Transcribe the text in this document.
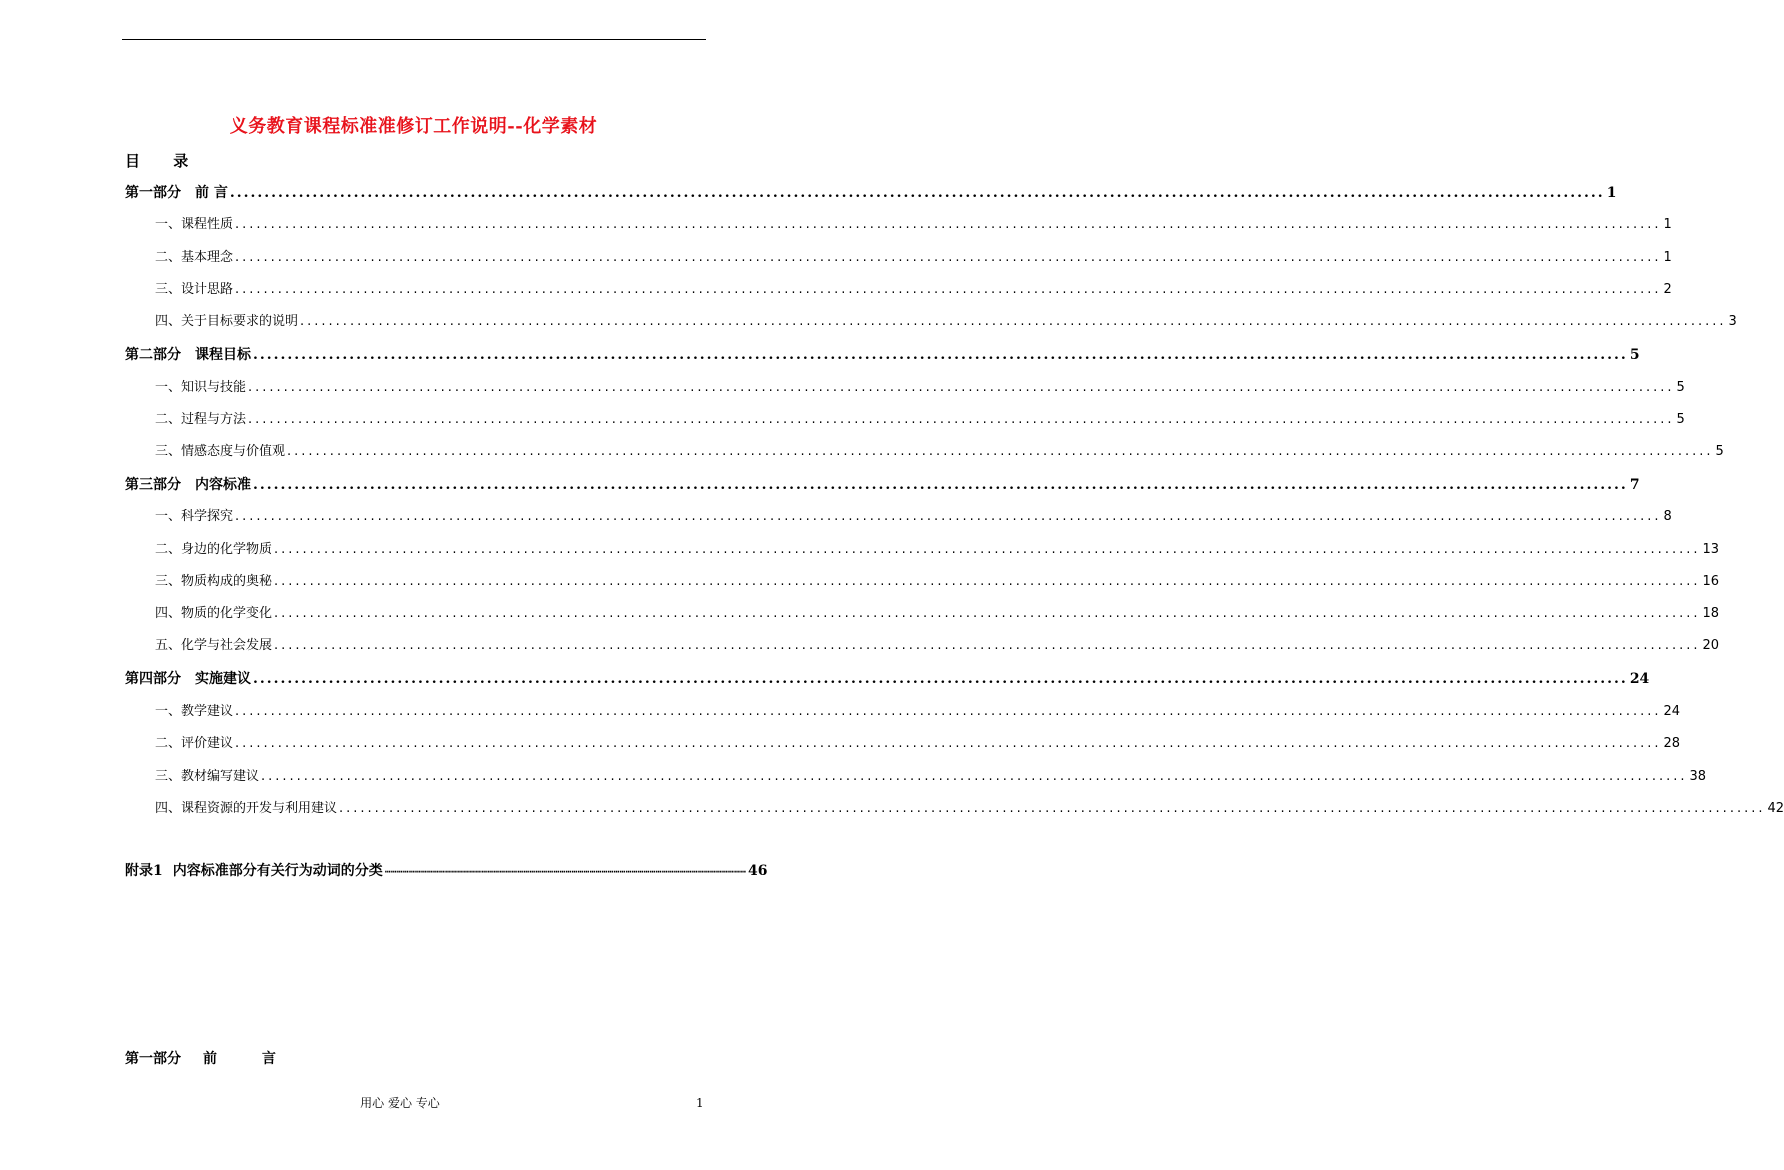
义务教育课程标准准修订工作说明--化学素材
目 录
第一部分 前 言 ........................................................................................................................................................................................................ 1
一、课程性质 ........................................................................................................................................................................................................ 1
二、基本理念 ........................................................................................................................................................................................................ 1
三、设计思路 ........................................................................................................................................................................................................ 2
四、关于目标要求的说明 ........................................................................................................................................................................................................ 3
第二部分 课程目标 ........................................................................................................................................................................................................ 5
一、知识与技能 ........................................................................................................................................................................................................ 5
二、过程与方法 ........................................................................................................................................................................................................ 5
三、情感态度与价值观 ........................................................................................................................................................................................................ 5
第三部分 内容标准 ........................................................................................................................................................................................................ 7
一、科学探究 ........................................................................................................................................................................................................ 8
二、身边的化学物质 ........................................................................................................................................................................................................ 13
三、物质构成的奥秘 ........................................................................................................................................................................................................ 16
四、物质的化学变化 ........................................................................................................................................................................................................ 18
五、化学与社会发展 ........................................................................................................................................................................................................ 20
第四部分 实施建议 ........................................................................................................................................................................................................ 24
一、教学建议 ........................................................................................................................................................................................................ 24
二、评价建议 ........................................................................................................................................................................................................ 28
三、教材编写建议 ........................................................................................................................................................................................................ 38
四、课程资源的开发与利用建议 ........................................................................................................................................................................................................ 42
附录1 内容标准部分有关行为动词的分类 ┅┅┅┅┅┅┅┅┅┅┅┅┅┅┅┅┅┅┅┅┅┅┅┅┅┅┅┅┅┅┅┅┅┅┅┅┅┅┅┅┅┅┅┅┅┅┅┅┅┅┅┅┅┅┅┅┅┅┅┅ 46
第一部分 前 言
用心 爱心 专心	1
